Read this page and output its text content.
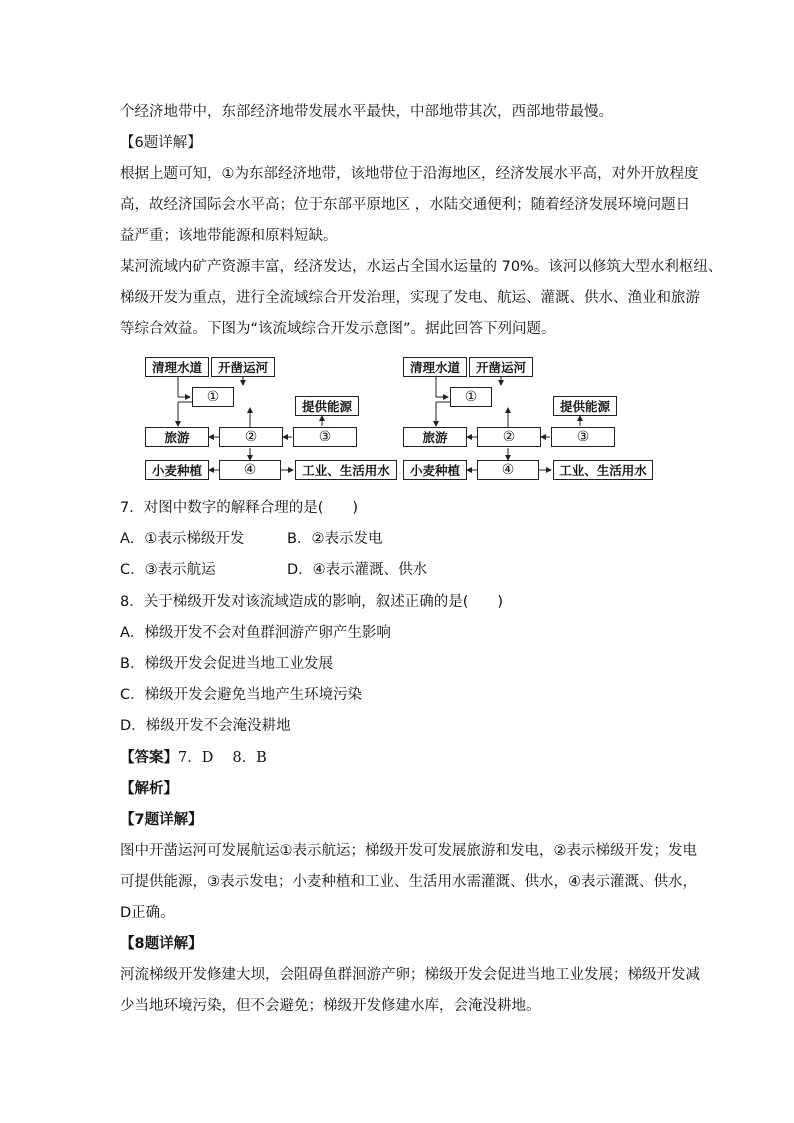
个经济地带中，东部经济地带发展水平最快，中部地带其次，西部地带最慢。
【6题详解】
根据上题可知，①为东部经济地带，该地带位于沿海地区，经济发展水平高，对外开放程度
高，故经济国际会水平高；位于东部平原地区 ，水陆交通便利；随着经济发展环境问题日
益严重；该地带能源和原料短缺。
某河流域内矿产资源丰富，经济发达，水运占全国水运量的 70%。该河以修筑大型水利枢纽、
梯级开发为重点，进行全流域综合开发治理，实现了发电、航运、灌溉、供水、渔业和旅游
等综合效益。下图为“该流域综合开发示意图”。据此回答下列问题。
清理水道	开凿运河
①
提供能源
旅游	②	③
小麦种植	④	工业、生活用水
清理水道	开凿运河
①
提供能源
旅游	②	③
小麦种植	④	工业、生活用水
7．对图中数字的解释合理的是(　　)
A．①表示梯级开发	B．②表示发电
C．③表示航运	D．④表示灌溉、供水
8．关于梯级开发对该流域造成的影响，叙述正确的是(　　)
A．梯级开发不会对鱼群洄游产卵产生影响
B．梯级开发会促进当地工业发展
C．梯级开发会避免当地产生环境污染
D．梯级开发不会淹没耕地
【答案】 7．D　 8．B
【解析】
【7题详解】
图中开凿运河可发展航运①表示航运；梯级开发可发展旅游和发电，②表示梯级开发；发电
可提供能源，③表示发电；小麦种植和工业、生活用水需灌溉、供水，④表示灌溉、供水，
D正确。
【8题详解】
河流梯级开发修建大坝，会阻碍鱼群洄游产卵；梯级开发会促进当地工业发展；梯级开发减
少当地环境污染，但不会避免；梯级开发修建水库，会淹没耕地。
